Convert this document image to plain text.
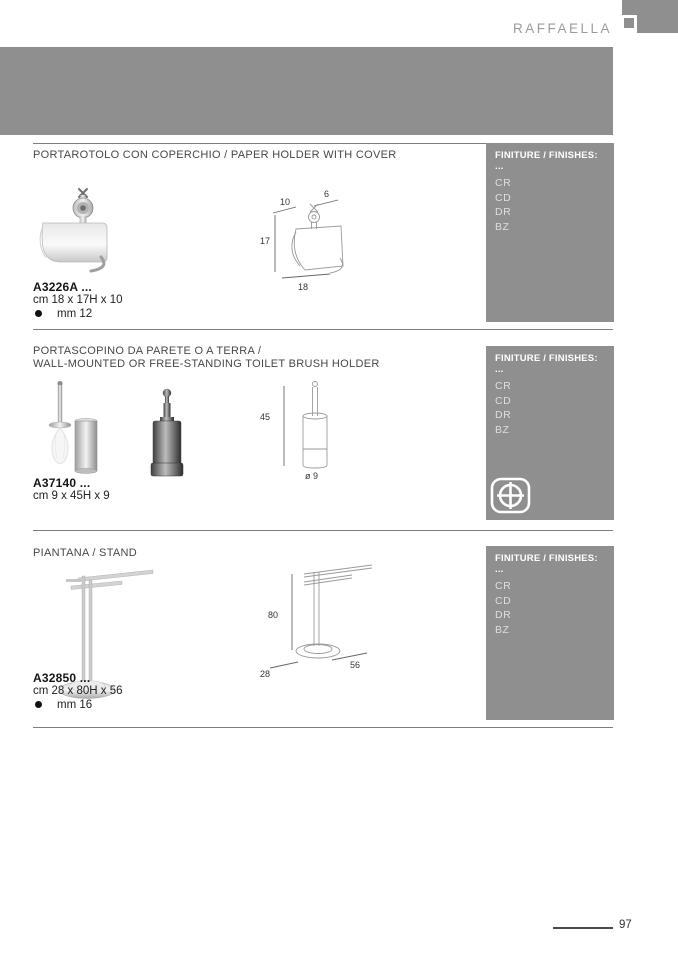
RAFFAELLA
PORTAROTOLO CON COPERCHIO / PAPER HOLDER WITH COVER	FINITURE / FINISHES: ...
CR
CD
DR
BZ
10
6
17
18
A3226A ...
cm 18 x 17H x 10
mm 12
PORTASCOPINO DA PARETE O A TERRA /
WALL-MOUNTED OR FREE-STANDING TOILET BRUSH HOLDER	FINITURE / FINISHES: ...
CR
CD
DR
BZ
45
ø 9
A37140 ...
cm 9 x 45H x 9
PIANTANA / STAND	FINITURE / FINISHES: ...
CR
CD
DR
BZ
80
28
56
A32850 ...
cm 28 x 80H x 56
mm 16
97
